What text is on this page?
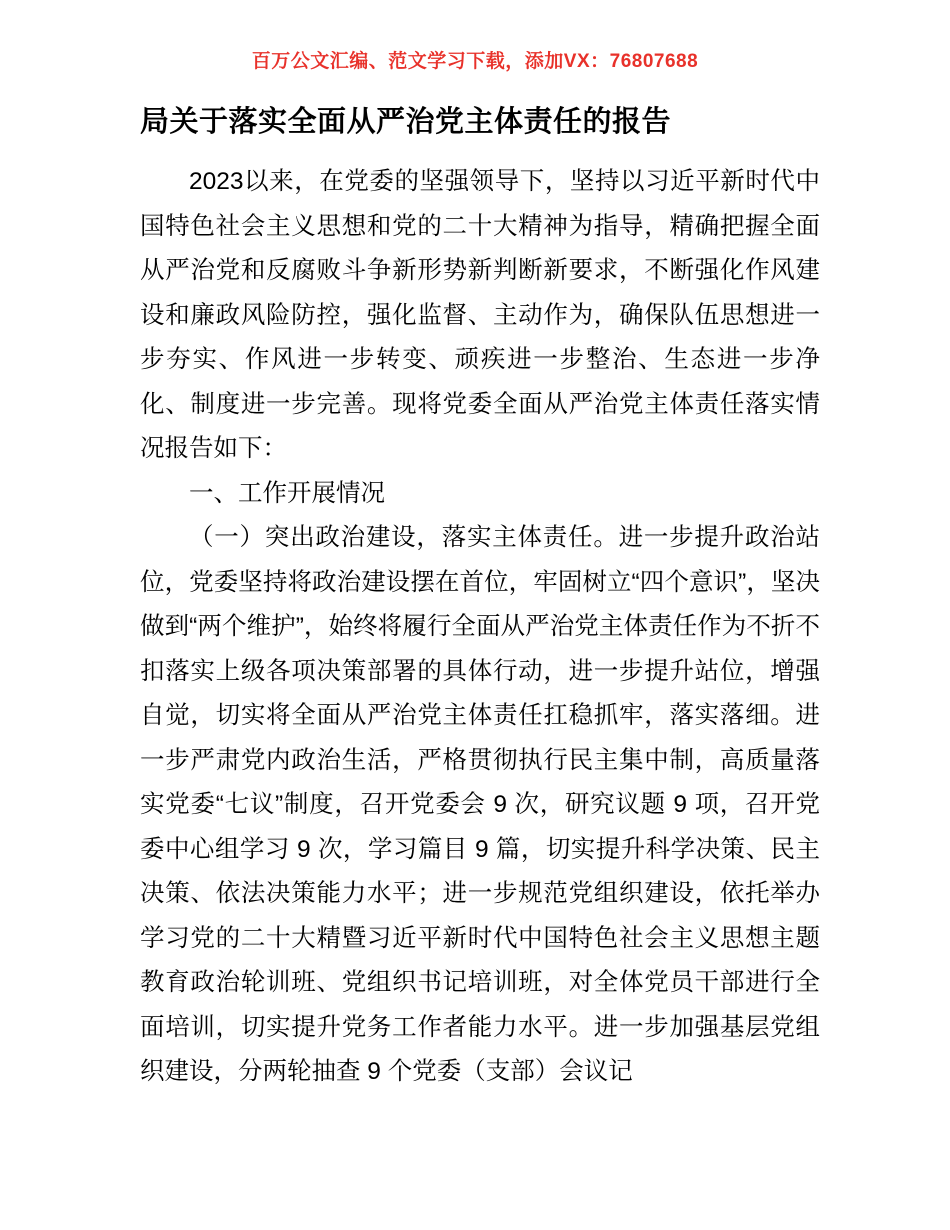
百万公文汇编、范文学习下载，添加VX：76807688
局关于落实全面从严治党主体责任的报告

2023以来，在党委的坚强领导下，坚持以习近平新时代中国特色社会主义思想和党的二十大精神为指导，精确把握全面从严治党和反腐败斗争新形势新判断新要求，不断强化作风建设和廉政风险防控，强化监督、主动作为，确保队伍思想进一步夯实、作风进一步转变、顽疾进一步整治、生态进一步净化、制度进一步完善。现将党委全面从严治党主体责任落实情况报告如下：

一、工作开展情况

（一）突出政治建设，落实主体责任。进一步提升政治站位，党委坚持将政治建设摆在首位，牢固树立“四个意识”，坚决做到“两个维护”，始终将履行全面从严治党主体责任作为不折不扣落实上级各项决策部署的具体行动，进一步提升站位，增强自觉，切实将全面从严治党主体责任扛稳抓牢，落实落细。进一步严肃党内政治生活，严格贯彻执行民主集中制，高质量落实党委“七议”制度，召开党委会 9 次，研究议题 9 项，召开党委中心组学习 9 次，学习篇目 9 篇，切实提升科学决策、民主决策、依法决策能力水平；进一步规范党组织建设，依托举办学习党的二十大精暨习近平新时代中国特色社会主义思想主题教育政治轮训班、党组织书记培训班，对全体党员干部进行全面培训，切实提升党务工作者能力水平。进一步加强基层党组织建设，分两轮抽查 9 个党委（支部）会议记
